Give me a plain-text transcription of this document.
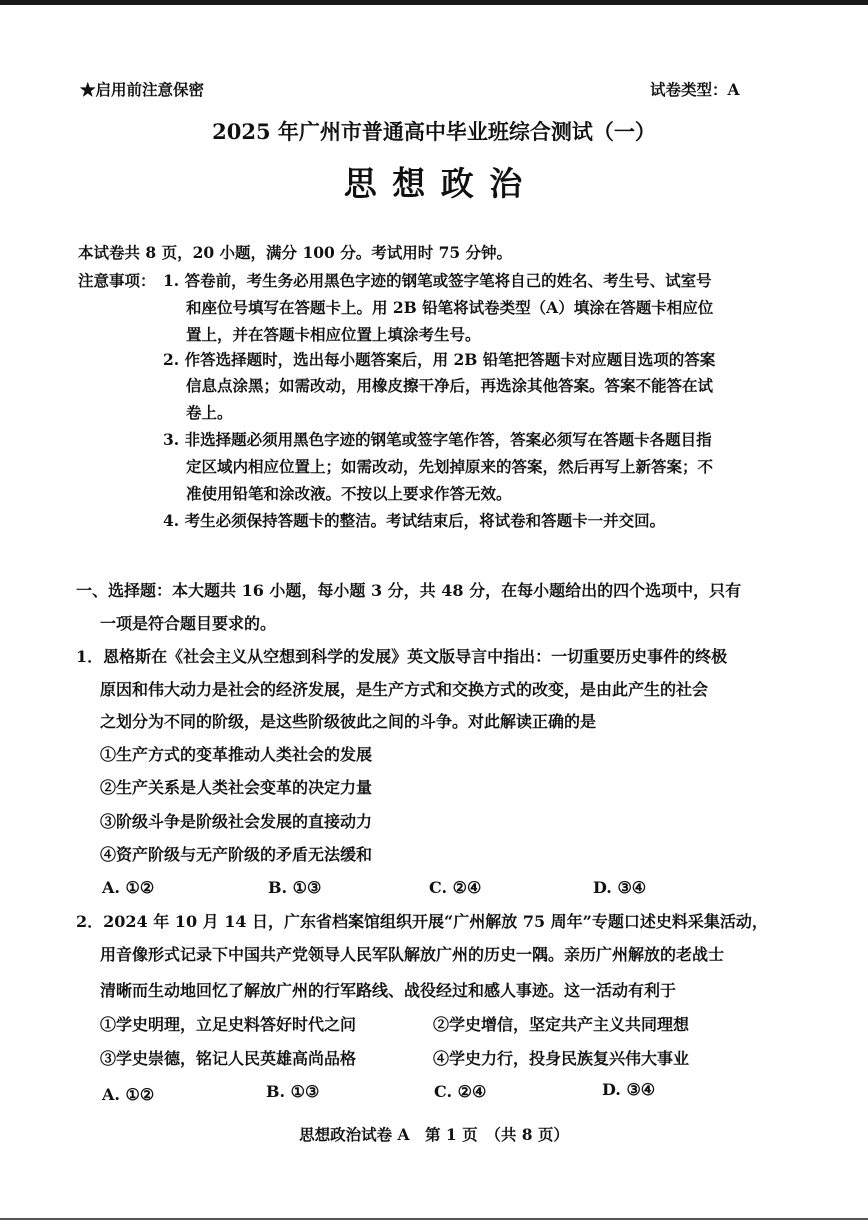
★启用前注意保密	试卷类型：A
2025 年广州市普通高中毕业班综合测试（一）
思 想 政 治
本试卷共 8 页，20 小题，满分 100 分。考试用时 75 分钟。
注意事项： 1. 答卷前，考生务必用黑色字迹的钢笔或签字笔将自己的姓名、考生号、试室号
和座位号填写在答题卡上。用 2B 铅笔将试卷类型（A）填涂在答题卡相应位
置上，并在答题卡相应位置上填涂考生号。
2. 作答选择题时，选出每小题答案后，用 2B 铅笔把答题卡对应题目选项的答案
信息点涂黑；如需改动，用橡皮擦干净后，再选涂其他答案。答案不能答在试
卷上。
3. 非选择题必须用黑色字迹的钢笔或签字笔作答，答案必须写在答题卡各题目指
定区域内相应位置上；如需改动，先划掉原来的答案，然后再写上新答案；不
准使用铅笔和涂改液。不按以上要求作答无效。
4. 考生必须保持答题卡的整洁。考试结束后，将试卷和答题卡一并交回。
一、选择题：本大题共 16 小题，每小题 3 分，共 48 分，在每小题给出的四个选项中，只有
一项是符合题目要求的。
1．恩格斯在《社会主义从空想到科学的发展》英文版导言中指出：一切重要历史事件的终极
原因和伟大动力是社会的经济发展，是生产方式和交换方式的改变，是由此产生的社会
之划分为不同的阶级，是这些阶级彼此之间的斗争。对此解读正确的是
①生产方式的变革推动人类社会的发展
②生产关系是人类社会变革的决定力量
③阶级斗争是阶级社会发展的直接动力
④资产阶级与无产阶级的矛盾无法缓和
A. ①②	B. ①③	C. ②④	D. ③④
2．2024 年 10 月 14 日，广东省档案馆组织开展“广州解放 75 周年”专题口述史料采集活动，
用音像形式记录下中国共产党领导人民军队解放广州的历史一隅。亲历广州解放的老战士
清晰而生动地回忆了解放广州的行军路线、战役经过和感人事迹。这一活动有利于
①学史明理，立足史料答好时代之问	②学史增信，坚定共产主义共同理想
③学史崇德，铭记人民英雄高尚品格	④学史力行，投身民族复兴伟大事业
A. ①②	B. ①③	C. ②④	D. ③④
思想政治试卷 A　第 1 页　（共 8 页）
